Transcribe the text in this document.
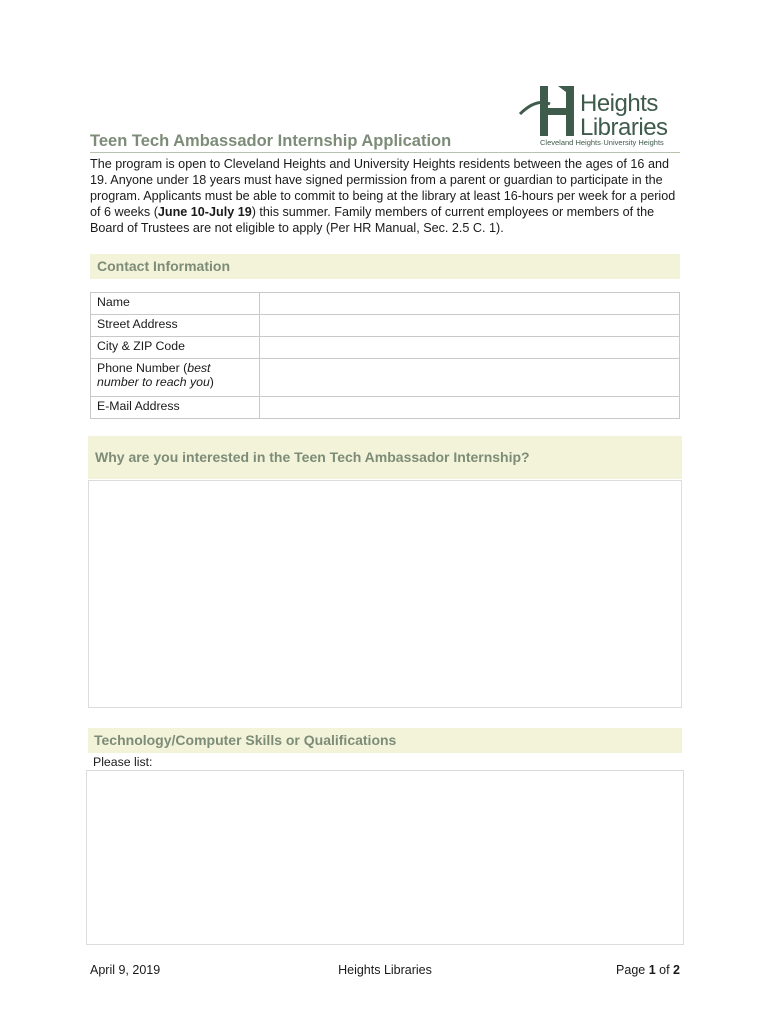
Heights
Libraries
Cleveland Heights·University Heights
Teen Tech Ambassador Internship Application
The program is open to Cleveland Heights and University Heights residents between the ages of 16 and 19. Anyone under 18 years must have signed permission from a parent or guardian to participate in the program. Applicants must be able to commit to being at the library at least 16-hours per week for a period of 6 weeks (June 10-July 19) this summer. Family members of current employees or members of the Board of Trustees are not eligible to apply (Per HR Manual, Sec. 2.5 C. 1).
Contact Information
Name	
Street Address	
City & ZIP Code	
Phone Number (best number to reach you)	
E-Mail Address	
Why are you interested in the Teen Tech Ambassador Internship?
Technology/Computer Skills or Qualifications
Please list:
April 9, 2019	Heights Libraries	Page 1 of 2
